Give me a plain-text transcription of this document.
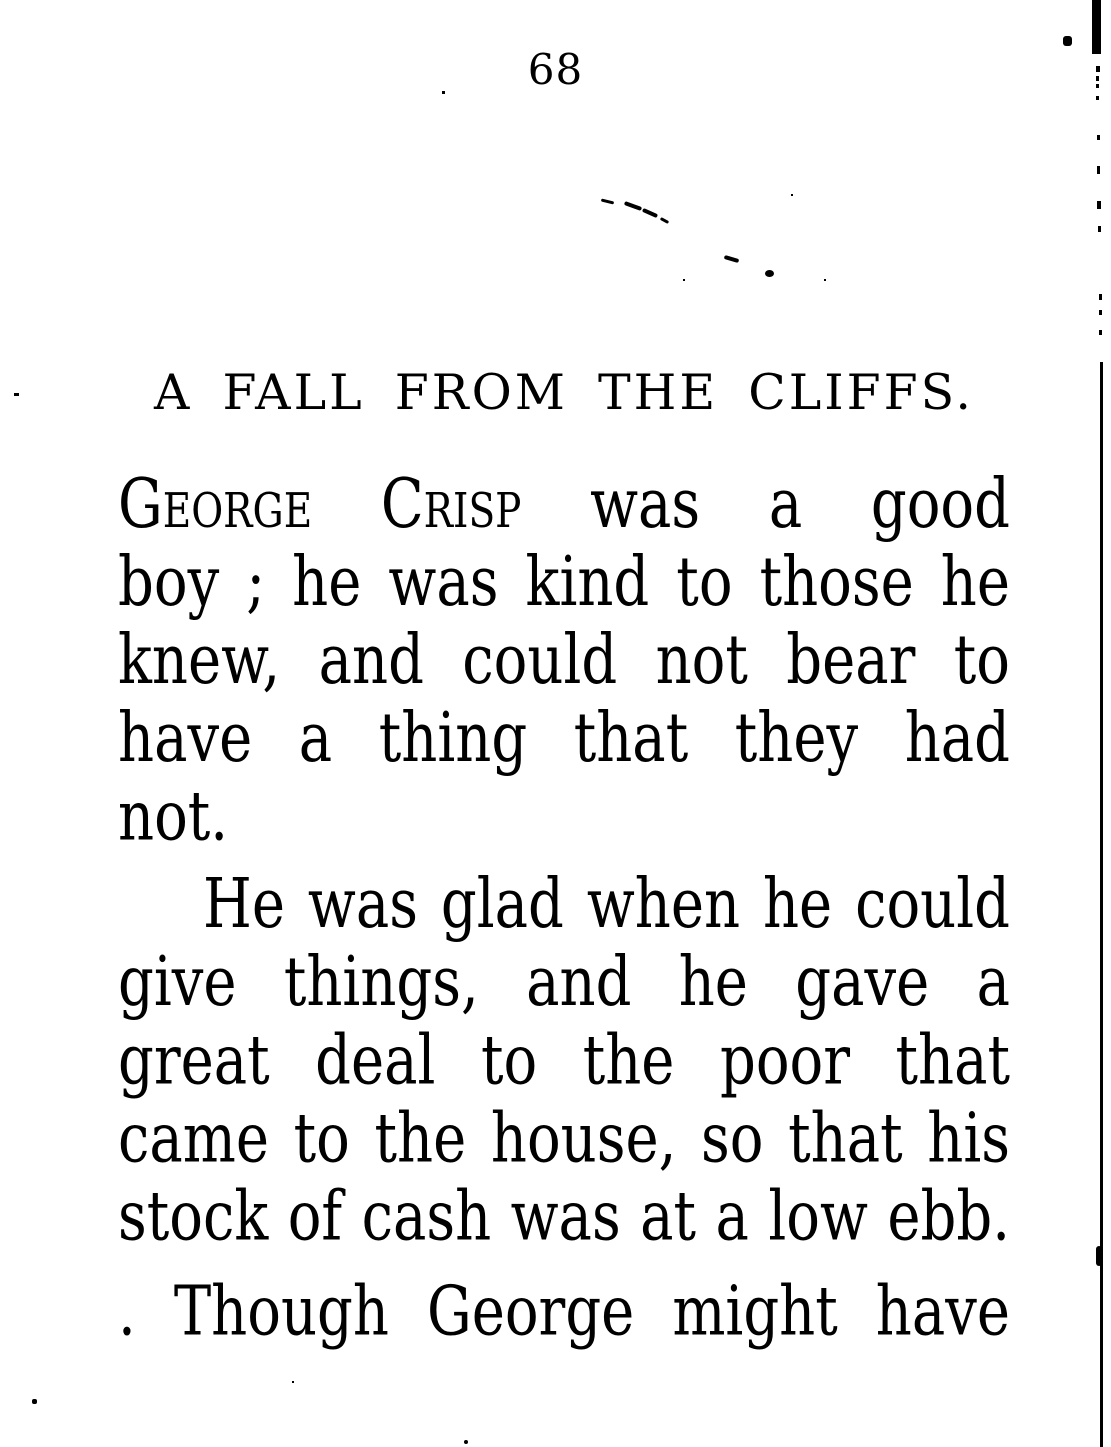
68
A FALL FROM THE CLIFFS.
George Crisp was a good
boy ; he was kind to those he
knew, and could not bear to
have a thing that they had
not.
He was glad when he could
give things, and he gave a
great deal to the poor that
came to the house, so that his
stock of cash was at a low ebb.
. Though George might have
